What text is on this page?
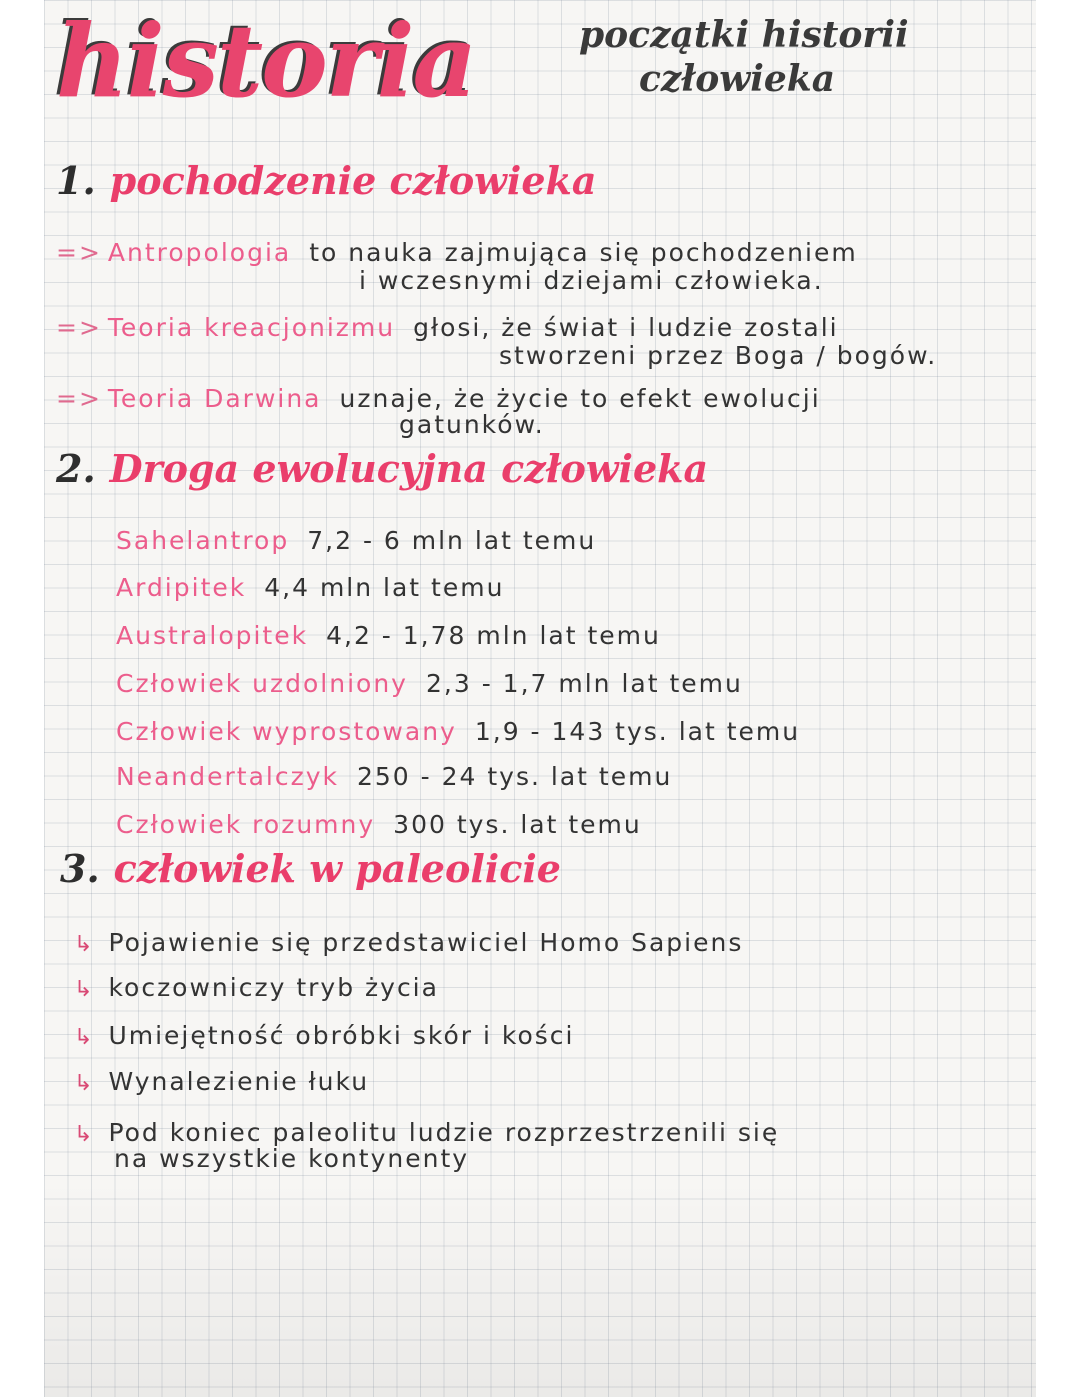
historia	początki historii
człowieka
1. pochodzenie człowieka
=> Antropologia to nauka zajmująca się pochodzeniem
i wczesnymi dziejami człowieka.
=> Teoria kreacjonizmu głosi, że świat i ludzie zostali
stworzeni przez Boga / bogów.
=> Teoria Darwina uznaje, że życie to efekt ewolucji
gatunków.
2. Droga ewolucyjna człowieka
Sahelantrop 7,2 - 6 mln lat temu
Ardipitek 4,4 mln lat temu
Australopitek 4,2 - 1,78 mln lat temu
Człowiek uzdolniony 2,3 - 1,7 mln lat temu
Człowiek wyprostowany 1,9 - 143 tys. lat temu
Neandertalczyk 250 - 24 tys. lat temu
Człowiek rozumny 300 tys. lat temu
3. człowiek w paleolicie
↳ Pojawienie się przedstawiciel Homo Sapiens
↳ koczowniczy tryb życia
↳ Umiejętność obróbki skór i kości
↳ Wynalezienie łuku
↳ Pod koniec paleolitu ludzie rozprzestrzenili się
na wszystkie kontynenty
